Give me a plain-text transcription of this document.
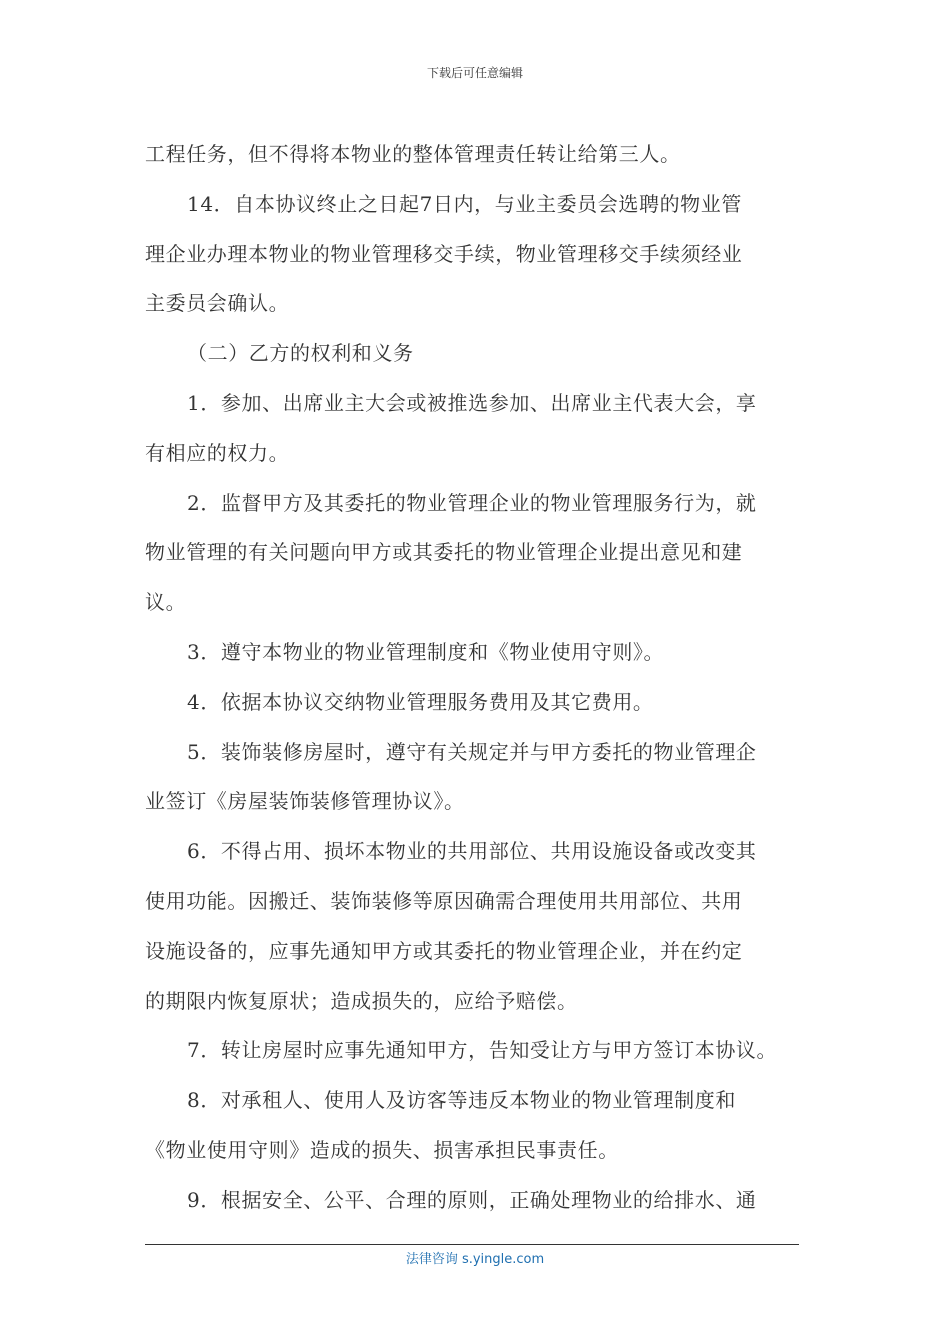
下载后可任意编辑
工程任务，但不得将本物业的整体管理责任转让给第三人。
14．自本协议终止之日起7日内，与业主委员会选聘的物业管
理企业办理本物业的物业管理移交手续，物业管理移交手续须经业
主委员会确认。
（二）乙方的权利和义务
1．参加、出席业主大会或被推选参加、出席业主代表大会，享
有相应的权力。
2．监督甲方及其委托的物业管理企业的物业管理服务行为，就
物业管理的有关问题向甲方或其委托的物业管理企业提出意见和建
议。
3．遵守本物业的物业管理制度和《物业使用守则》。
4．依据本协议交纳物业管理服务费用及其它费用。
5．装饰装修房屋时，遵守有关规定并与甲方委托的物业管理企
业签订《房屋装饰装修管理协议》。
6．不得占用、损坏本物业的共用部位、共用设施设备或改变其
使用功能。因搬迁、装饰装修等原因确需合理使用共用部位、共用
设施设备的，应事先通知甲方或其委托的物业管理企业，并在约定
的期限内恢复原状；造成损失的，应给予赔偿。
7．转让房屋时应事先通知甲方，告知受让方与甲方签订本协议。
8．对承租人、使用人及访客等违反本物业的物业管理制度和
《物业使用守则》造成的损失、损害承担民事责任。
9．根据安全、公平、合理的原则，正确处理物业的给排水、通
法律咨询 s.yingle.com
